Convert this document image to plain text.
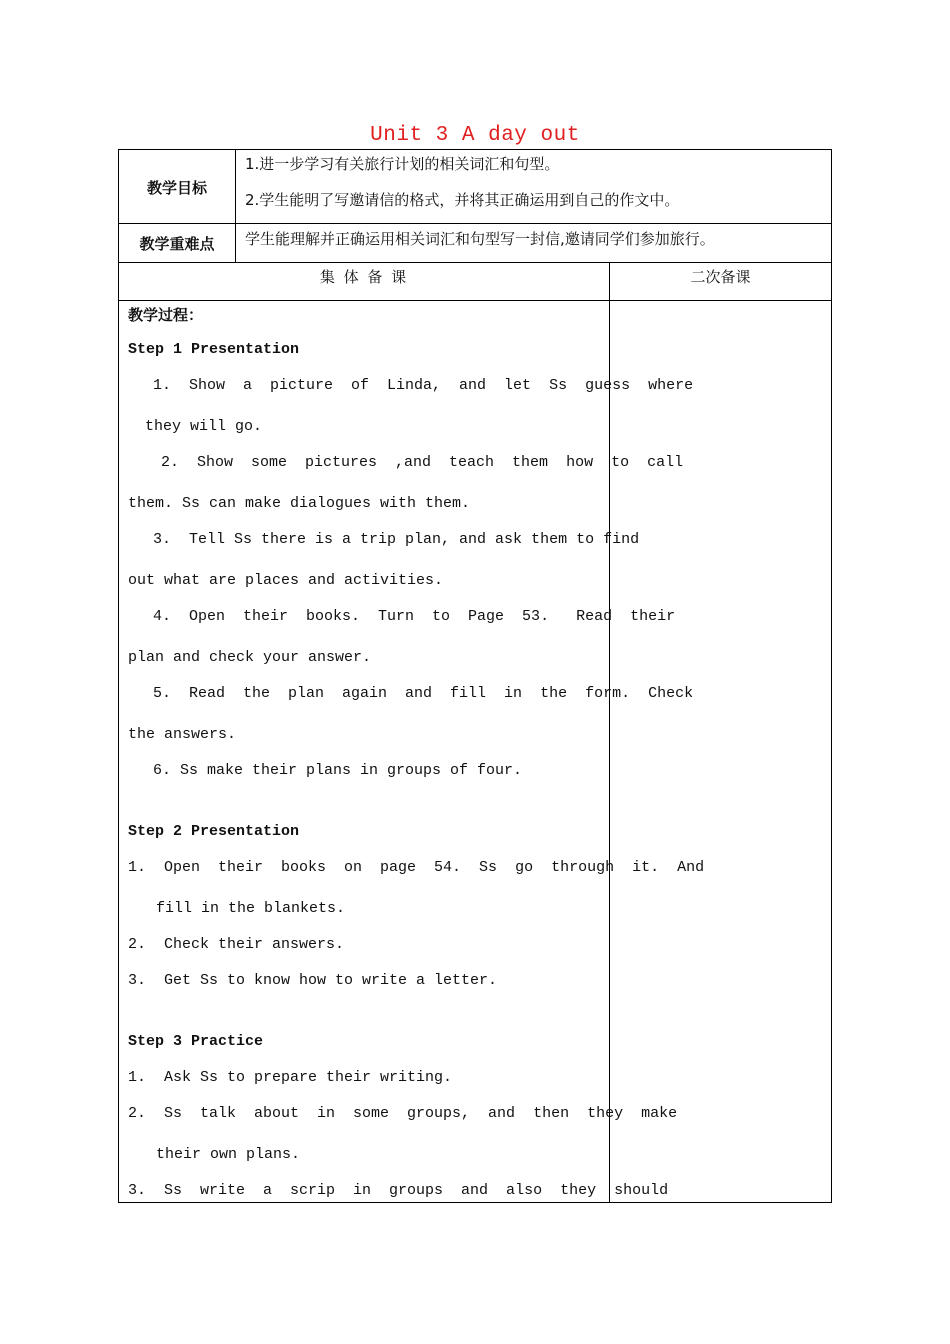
Unit 3 A day out
教学目标
1.进一步学习有关旅行计划的相关词汇和句型。
2.学生能明了写邀请信的格式，并将其正确运用到自己的作文中。
教学重难点	学生能理解并正确运用相关词汇和句型写一封信,邀请同学们参加旅行。
集 体 备 课	二次备课
教学过程：
Step 1 Presentation
1.  Show  a  picture  of  Linda,  and  let  Ss  guess  where
they will go.
2.  Show  some  pictures  ,and  teach  them  how  to  call
them. Ss can make dialogues with them.
3.  Tell Ss there is a trip plan, and ask them to find
out what are places and activities.
4.  Open  their  books.  Turn  to  Page  53.   Read  their
plan and check your answer.
5.  Read  the  plan  again  and  fill  in  the  form.  Check
the answers.
6. Ss make their plans in groups of four.
Step 2 Presentation
1.  Open  their  books  on  page  54.  Ss  go  through  it.  And
fill in the blankets.
2.  Check their answers.
3.  Get Ss to know how to write a letter.
Step 3 Practice
1.  Ask Ss to prepare their writing.
2.  Ss  talk  about  in  some  groups,  and  then  they  make
their own plans.
3.  Ss  write  a  scrip  in  groups  and  also  they  should
